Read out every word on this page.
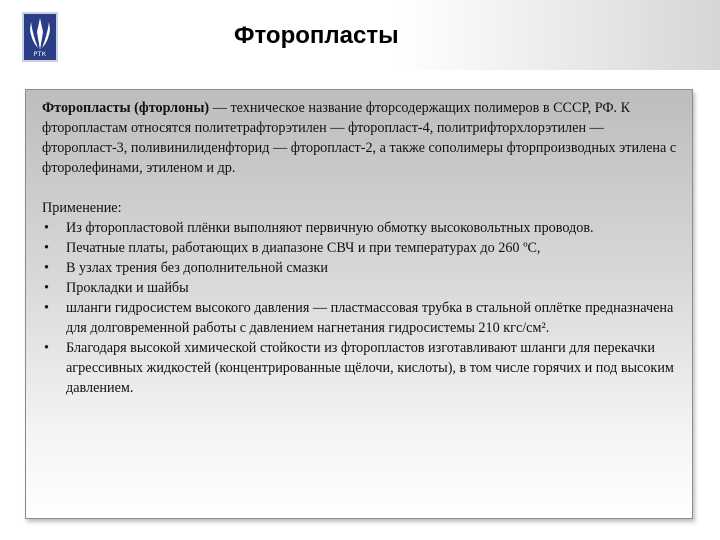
РТК
Фторопласты

Фторопласты (фторлоны) — техническое название фторсодержащих полимеров в СССР, РФ. К фторопластам относятся политетрафторэтилен — фторопласт-4, политрифторхлорэтилен — фторопласт-3, поливинилиденфторид — фторопласт-2, а также сополимеры фторпроизводных этилена с фторолефинами, этиленом и др.

Применение:

• Из фторопластовой плёнки выполняют первичную обмотку высоковольтных проводов.
• Печатные платы, работающих в диапазоне СВЧ и при температурах до 260 ºС,
• В узлах трения без дополнительной смазки
• Прокладки и шайбы
• шланги гидросистем высокого давления — пластмассовая трубка в стальной оплётке предназначена для долговременной работы с давлением нагнетания гидросистемы 210 кгс/см².
• Благодаря высокой химической стойкости из фторопластов изготавливают шланги для перекачки агрессивных жидкостей (концентрированные щёлочи, кислоты), в том числе горячих и под высоким давлением.
